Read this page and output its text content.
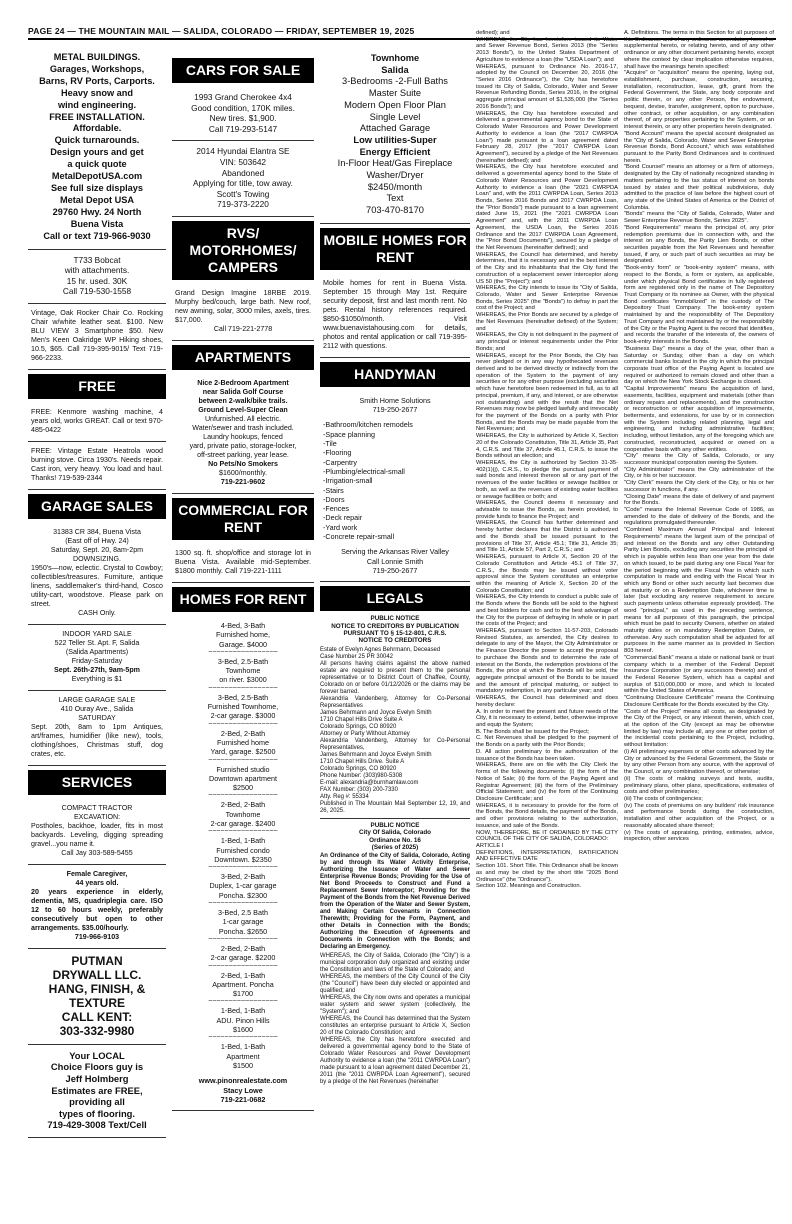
PAGE 24 — THE MOUNTAIN MAIL — SALIDA, COLORADO — FRIDAY, SEPTEMBER 19, 2025
METAL BUILDINGS.
Garages, Workshops,
Barns, RV Ports, Carports.
Heavy snow and
wind engineering.
FREE INSTALLATION.
Affordable.
Quick turnarounds.
Design yours and get
a quick quote
MetalDepotUSA.com
See full size displays
Metal Depot USA
29760 Hwy. 24 North
Buena Vista
Call or text 719-966-9030
T733 Bobcat
with attachments.
15 hr. used. 30K
Call 719-530-1558
Vintage, Oak Rocker Chair Co. Rocking Chair w/white leather seat. $100. New BLU VIEW 3 Smartphone $50. New Men's Keen Oakridge WP Hiking shoes, 10.5, $65. Call 719-395-9015/ Text 719-966-2233.
FREE
FREE: Kenmore washing machine, 4 years old, works GREAT. Call or text 970-485-0422
FREE: Vintage Estate Heatrola wood burning stove. Circa 1930's. Needs repair. Cast iron, very heavy. You load and haul. Thanks! 719-539-2344
GARAGE SALES
31383 CR 384, Buena Vista
(East off of Hwy. 24)
Saturday, Sept. 20, 8am-2pm
DOWNSIZING.
1950's—now, eclectic. Crystal to Cowboy; collectibles/treasures. Furniture, antique linens, saddlemaker's third-hand, Cosco utility-cart, woodstove. Please park on street.
CASH Only.
INDOOR YARD SALE
522 Teller St. Apt. F, Salida
(Salida Apartments)
Friday-Saturday
Sept. 26th-27th, 9am-5pm
Everything is $1
LARGE GARAGE SALE
410 Ouray Ave., Salida
SATURDAY
Sept. 20th, 8am to 1pm Antiques, art/frames, humidifier (like new), tools, clothing/shoes, Christmas stuff, dog crates, etc.
SERVICES
COMPACT TRACTOR
EXCAVATION:
Postholes, backhoe, loader, fits in most backyards. Leveling, digging spreading gravel...you name it.
Call Jay 303-589-5455
Female Caregiver,
44 years old.
20 years experience in elderly, dementia, MS, quadriplegia care. ISO 12 to 60 hours weekly, preferably consecutively but open to other arrangements. $35.00/hourly.
719-966-9103
PUTMAN
DRYWALL LLC.
HANG, FINISH, &
TEXTURE
CALL KENT:
303-332-9980
Your LOCAL
Choice Floors guy is
Jeff Holmberg
Estimates are FREE,
providing all
types of flooring.
719-429-3008 Text/Cell
CARS FOR SALE
1993 Grand Cherokee 4x4
Good condition, 170K miles.
New tires. $1,900.
Call 719-293-5147
2014 Hyundai Elantra SE
VIN: 503642
Abandoned
Applying for title, tow away.
Scott's Towing
719-373-2220
RVS/ MOTORHOMES/ CAMPERS
Grand Design Imagine 18RBE 2019. Murphy bed/couch, large bath. New roof, new awning, solar, 3000 miles, axels, tires. $17,000.
Call 719-221-2778
APARTMENTS
Nice 2-Bedroom Apartment
near Salida Golf Course
between 2-walk/bike trails.
Ground Level-Super Clean
Unfurnished. All electric.
Water/sewer and trash included.
Laundry hookups, fenced
yard, private patio, storage-locker,
off-street parking, year lease.
No Pets/No Smokers
$1600/monthly.
719-221-9602
COMMERCIAL FOR RENT
1300 sq. ft. shop/office and storage lot in Buena Vista. Available mid-September. $1800 monthly. Call 719-221-1111
HOMES FOR RENT
4-Bed, 3-Bath
Furnished home,
Garage. $4000
~~~~~~~~~~~~~~~~~
3-Bed, 2.5-Bath
Townhome
on river. $3000
~~~~~~~~~~~~~~~~~
3-Bed, 2.5-Bath
Furnished Townhome,
2-car garage. $3000
~~~~~~~~~~~~~~~~~
2-Bed, 2-Bath
Furnished home
Yard, garage. $2500
~~~~~~~~~~~~~~~~~
Furnished studio
Downtown apartment
$2500
~~~~~~~~~~~~~~~~~
2-Bed, 2-Bath
Townhome
2-car garage. $2400
~~~~~~~~~~~~~~~~~
1-Bed, 1-Bath
Furnished condo
Downtown. $2350
~~~~~~~~~~~~~~~~~
3-Bed, 2-Bath
Duplex, 1-car garage
Poncha. $2300
~~~~~~~~~~~~~~~~~
3-Bed, 2.5 Bath
1-car garage
Poncha. $2650
~~~~~~~~~~~~~~~~~
2-Bed, 2-Bath
2-car garage. $2200
~~~~~~~~~~~~~~~~~
2-Bed, 1-Bath
Apartment. Poncha
$1700
~~~~~~~~~~~~~~~~~
1-Bed, 1-Bath
ADU. Pinon Hills
$1600
~~~~~~~~~~~~~~~~~
1-Bed, 1-Bath
Apartment
$1500
www.pinonrealestate.com
Stacy Lowe
719-221-0682
Townhome
Salida
3-Bedrooms -2-Full Baths
Master Suite
Modern Open Floor Plan
Single Level
Attached Garage
Low utilities-Super
Energy Efficient
In-Floor Heat/Gas Fireplace
Washer/Dryer
$2450/month
Text
703-470-8170
MOBILE HOMES FOR RENT
Mobile homes for rent in Buena Vista. September 15 through May 1st. Require security deposit, first and last month rent. No pets. Rental history references required. $850-$1050/month. Visit www.buenavistahousing.com for details, photos and rental application or call 719-395-2112 with questions.
HANDYMAN
Smith Home Solutions
719-250-2677
-Bathroom/kitchen remodels
-Space planning
-Tile
-Flooring
-Carpentry
-Plumbing/electrical-small
-Irrigation-small
-Stairs
-Doors
-Fences
-Deck repair
-Yard work
-Concrete repair-small
Serving the Arkansas River Valley
Call Lonnie Smith
719-250-2677
LEGALS
PUBLIC NOTICE
NOTICE TO CREDITORS BY PUBLICATION PURSUANT TO § 15-12-801, C.R.S.
NOTICE TO CREDITORS
Estate of Evelyn Agnes Behrmann, Deceased
Case Number 25 PR 30042
All persons having claims against the above named estate are required to present them to the personal representative or to District Court of Chaffee, County, Colorado on or before 01/12/2026 or the claims may be forever barred.
Alexandria Vandenberg, Attorney for Co-Personal Representatives
James Behrmann and Joyce Evelyn Smith
1710 Chapel Hills Drive Suite A
Colorado Springs, CO 80920
Attorney or Party Without Attorney
Alexandria Vandenberg, Attorney for Co-Personal Representatives,
James Behrmann and Joyce Evelyn Smith
1710 Chapel Hills Drive. Suite A
Colorado Springs, CO 80920
Phone Number: (303)980-5308
E-mail: alexandria@burnhamlaw.com
FAX Number: (303) 200-7330
Atty. Reg #: 55334
Published in The Mountain Mail September 12, 19, and 26, 2025.
PUBLIC NOTICE
City Of Salida, Colorado
Ordinance No. 16
(Series of 2025)
An Ordinance of the City of Salida, Colorado, Acting by and through Its Water Activity Enterprise, Authorizing the Issuance of Water and Sewer Enterprise Revenue Bonds; Providing for the Use of Net Bond Proceeds to Construct and Fund a Replacement Sewer Interceptor; Providing for the Payment of the Bonds from the Net Revenue Derived from the Operation of the Water and Sewer System, and Making Certain Covenants in Connection Therewith; Providing for the Form, Payment, and other Details in Connection with the Bonds; Authorizing the Execution of Agreements and Documents in Connection with the Bonds; and Declaring an Emergency.
WHEREAS, the City of Salida, Colorado (the "City") is a municipal corporation duly organized and existing under the Constitution and laws of the State of Colorado; and
WHEREAS, the members of the City Council of the City (the "Council") have been duly elected or appointed and qualified; and
WHEREAS, the City now owns and operates a municipal water system and sewer system (collectively, the "System"); and
WHEREAS, the Council has determined that the System constitutes an enterprise pursuant to Article X, Section 20 of the Colorado Constitution; and
WHEREAS, the City has heretofore executed and delivered a governmental agency bond to the State of Colorado Water Resources and Power Development Authority to evidence a loan (the "2011 CWRPDA Loan") made pursuant to a loan agreement dated December 21, 2011 (the "2011 CWRPDA Loan Agreement"), secured by a pledge of the Net Revenues (hereinafter
defined); and
WHEREAS, the City has heretofore issued its Water and Sewer Revenue Bond, Series 2013 (the "Series 2013 Bonds"), to the United States Department of Agriculture to evidence a loan (the "USDA Loan"); and
WHEREAS, pursuant to Ordinance No. 2016-17, adopted by the Council on December 20, 2016 (the "Series 2016 Ordinance"), the City has heretofore issued its City of Salida, Colorado, Water and Sewer Revenue Refunding Bonds, Series 2016, in the original aggregate principal amount of $1,535,000 (the "Series 2016 Bonds"); and
WHEREAS, the City has heretofore executed and delivered a governmental agency bond to the State of Colorado Water Resources and Power Development Authority to evidence a loan (the "2017 CWRPDA Loan") made pursuant to a loan agreement dated February 28, 2017 (the "2017 CWRPDA Loan Agreement"), secured by a pledge of the Net Revenues (hereinafter defined); and
WHEREAS, the City has heretofore executed and delivered a governmental agency bond to the State of Colorado Water Resources and Power Development Authority to evidence a loan (the "2021 CWRPDA Loan" and, with the 2011 CWRPDA Loan, Series 2013 Bonds, Series 2016 Bonds and 2017 CWRPDA Loan, the "Prior Bonds") made pursuant to a loan agreement dated June 15, 2021 (the "2021 CWRPDA Loan Agreement" and, with the 2011 CWRPDA Loan Agreement, the USDA Loan, the Series 2016 Ordinance and the 2017 CWRPDA Loan Agreement, the "Prior Bond Documents"), secured by a pledge of the Net Revenues (hereinafter defined); and
WHEREAS, the Council has determined, and hereby determines, that it is necessary and in the best interest of the City and its inhabitants that the City fund the construction of a replacement sewer interceptor along US 50 (the "Project"); and
WHEREAS, the City intends to issue its "City of Salida, Colorado, Water and Sewer Enterprise Revenue Bonds, Series 2025" (the "Bonds") to defray in part the cost of the Project; and
WHEREAS, the Prior Bonds are secured by a pledge of the Net Revenues (hereinafter defined) of the System; and
WHEREAS, the City is not delinquent in the payment of any principal or interest requirements under the Prior Bonds; and
WHEREAS, except for the Prior Bonds, the City has never pledged or in any way hypothecated revenues derived and to be derived directly or indirectly from the operation of the System to the payment of any securities or for any other purpose (excluding securities which have heretofore been redeemed in full, as to all principal, premium, if any, and interest, or are otherwise not outstanding) and with the result that the Net Revenues may now be pledged lawfully and irrevocably for the payment of the Bonds on a parity with Prior Bonds, and the Bonds may be made payable from the Net Revenues; and
WHEREAS, the City is authorized by Article X, Section 20 of the Colorado Constitution, Title 31, Article 35, Part 4, C.R.S. and Title 37, Article 45.1, C.R.S. to issue the Bonds without an election; and
WHEREAS, the City is authorized by Section 31-35-402(1)(j), C.R.S., to pledge the punctual payment of said bonds and interest thereon all or any part of the revenues of the water facilities or sewage facilities or both, as well as the revenues of existing water facilities or sewage facilities or both; and
WHEREAS, the Council deems it necessary and advisable to issue the Bonds, as herein provided, to provide funds to finance the Project; and
WHEREAS, the Council has further determined and hereby further declares that the District is authorized and the Bonds shall be issued pursuant to the provisions of Title 37, Article 45.1; Title 31, Article 35; and Title 11, Article 57, Part 2, C.R.S.; and
WHEREAS, pursuant to Article X, Section 20 of the Colorado Constitution and Article 45.1 of Title 37, C.R.S., the Bonds may be issued without voter approval since the System constitutes an enterprise within the meaning of Article X, Section 20 of the Colorado Constitution; and
WHEREAS, the City intends to conduct a public sale of the Bonds where the Bonds will be sold to the highest and best bidders for cash and to the best advantage of the City for the purpose of defraying in whole or in part the costs of the Project; and
WHEREAS, pursuant to Section 11-57-203, Colorado Revised Statutes, as amended, the City desires to delegate to any of the Mayor, the City Administrator or the Finance Director the power to accept the proposal to purchase the Bonds and to determine the rate of interest on the Bonds, the redemption provisions of the Bonds, the price at which the Bonds will be sold, the aggregate principal amount of the Bonds to be issued and the amount of principal maturing, or subject to mandatory redemption, in any particular year; and
WHEREAS, the Council has determined and does hereby declare:
A. In order to meet the present and future needs of the City, it is necessary to extend, better, otherwise improve and equip the System;
B. The Bonds shall be issued for the Project;
C. Net Revenues shall be pledged to the payment of the Bonds on a parity with the Prior Bonds;
D. All action preliminary to the authorization of the issuance of the Bonds has been taken.
WHEREAS, there are on file with the City Clerk the forms of the following documents: (i) the form of the Notice of Sale; (ii) the form of the Paying Agent and Registrar Agreement; (iii) the form of the Preliminary Official Statement; and (iv) the form of the Continuing Disclosure Certificate; and
WHEREAS, it is necessary to provide for the form of the Bonds, the Bond details, the payment of the Bonds, and other provisions relating to the authorization, issuance, and sale of the Bonds.
NOW, THEREFORE, BE IT ORDAINED BY THE CITY COUNCIL OF THE CITY OF SALIDA, COLORADO:
ARTICLE I
DEFINITIONS, INTERPRETATION, RATIFICATION AND EFFECTIVE DATE
Section 101. Short Title. This Ordinance shall be known as and may be cited by the short title "2025 Bond Ordinance" (the "Ordinance").
Section 102. Meanings and Construction.
A. Definitions. The terms in this Section for all purposes of this Ordinance and of any ordinance amendatory hereof or supplemental hereto, or relating hereto, and of any other ordinance or any other document pertaining hereto, except where the context by clear implication otherwise requires, shall have the meanings herein specified:
"Acquire" or "acquisition" means the opening, laying out, establishment, purchase, construction, securing, installation, reconstruction, lease, gift, grant from the Federal Government, the State, any body corporate and politic therein, or any other Person, the endowment, bequest, devise, transfer, assignment, option to purchase, other contract, or other acquisition, or any combination thereof, of any properties pertaining to the System, or an interest therein, or any other properties herein designated.
"Bond Account" means the special account designated as the "City of Salida, Colorado, Water and Sewer Enterprise Revenue Bonds, Bond Account," which was established pursuant to the Parity Bond Ordinances and is continued herein.
"Bond Counsel" means an attorney or a firm of attorneys, designated by the City of nationally recognized standing in matters pertaining to the tax status of interest on bonds issued by states and their political subdivisions, duly admitted to the practice of law before the highest court of any state of the United States of America or the District of Columbia.
"Bonds" means the "City of Salida, Colorado, Water and Sewer Enterprise Revenue Bonds, Series 2025".
"Bond Requirements" means the principal of, any prior redemption premiums due in connection with, and the interest on any Bonds, the Parity Lien Bonds, or other securities payable from the Net Revenues and hereafter issued, if any, or such part of such securities as may be designated.
"Book-entry form" or "book-entry system" means, with respect to the Bonds, a form or system, as applicable, under which physical Bond certificates in fully registered form are registered only in the name of The Depository Trust Company or its nominee as Owner, with the physical Bond certificates "immobilized" in the custody of The Depository Trust Company. The book-entry system maintained by and the responsibility of The Depository Trust Company and not maintained by or the responsibility of the City or the Paying Agent is the record that identifies, and records the transfer of the interests of, the owners of book-entry interests in the Bonds.
"Business Day" means a day of the year, other than a Saturday or Sunday, other than a day on which commercial banks located in the city in which the principal corporate trust office of the Paying Agent is located are required or authorized to remain closed and other than a day on which the New York Stock Exchange is closed.
"Capital Improvements" means the acquisition of land, easements, facilities, equipment and materials (other than ordinary repairs and replacements), and the construction or reconstruction or other acquisition of improvements, betterments, and extensions, for use by or in connection with the System including related planning, legal and engineering, and including administrative facilities; including, without limitation, any of the foregoing which are constructed, reconstructed, acquired or owned on a cooperative basis with any other entities.
"City" means the City of Salida, Colorado, or any successor municipal corporation owning the System.
"City Administrator" means the City administrator of the City, or his or her successor.
"City Clerk" means the City clerk of the City, or his or her successor in functions, if any.
"Closing Date" means the date of delivery of and payment for the Bonds.
"Code" means the Internal Revenue Code of 1986, as amended to the date of delivery of the Bonds, and the regulations promulgated thereunder.
"Combined Maximum Annual Principal and Interest Requirements" means the largest sum of the principal of and interest on the Bonds and any other Outstanding Parity Lien Bonds, excluding any securities the principal of which is payable within less than one year from the date on which issued, to be paid during any one Fiscal Year for the period beginning with the Fiscal Year in which such computation is made and ending with the Fiscal Year in which any Bond or other such security last becomes due at maturity or on a Redemption Date, whichever time is later (but excluding any reserve requirement to secure such payments unless otherwise expressly provided). The word "principal," as used in the preceding sentence, means for all purposes of this paragraph, the principal which must be paid to security Owners, whether on stated maturity dates or on mandatory Redemption Dates, or otherwise. Any such computation shall be adjusted for all purposes in the same manner as is provided in Section 803 hereof.
"Commercial Bank" means a state or national bank or trust company which is a member of the Federal Deposit Insurance Corporation (or any successors thereto) and of the Federal Reserve System, which has a capital and surplus of $10,000,000 or more, and which is located within the United States of America.
"Continuing Disclosure Certificate" means the Continuing Disclosure Certificate for the Bonds executed by the City.
"Costs of the Project" means all costs, as designated by the City of the Project, or any interest therein, which cost, at the option of the City (except as may be otherwise limited by law) may include all, any one or other portion of the incidental costs pertaining to the Project, including, without limitation:
(i) All preliminary expenses or other costs advanced by the City or advanced by the Federal Government, the State or by any other Person from any source, with the approval of the Council, or any combination thereof, or otherwise;
(ii) The costs of making surveys and tests, audits, preliminary plans, other plans, specifications, estimates of costs and other preliminaries;
(iii) The costs of contingencies;
(iv) The costs of premiums on any builders' risk insurance and performance bonds during the construction, installation and other acquisition of the Project, or a reasonably allocated share thereof;
(v) The costs of appraising, printing, estimates, advice, inspection, other services
